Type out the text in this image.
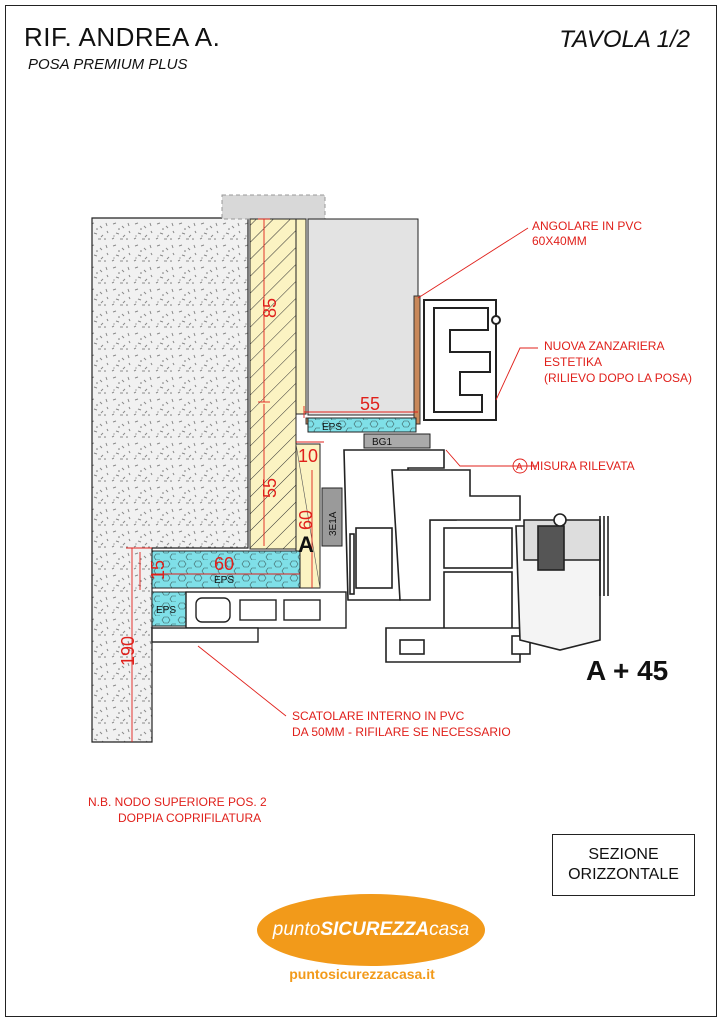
RIF. ANDREA A.
POSA PREMIUM PLUS
TAVOLA 1/2
85
55
10
55
60
60
15
190
EPS
EPS
EPS
BG1
3E1A
A
ANGOLARE IN PVC
60X40MM
NUOVA ZANZARIERA
ESTETIKA
(RILIEVO DOPO LA POSA)
A MISURA RILEVATA
SCATOLARE INTERNO IN PVC
DA 50MM - RIFILARE SE NECESSARIO
N.B. NODO SUPERIORE POS. 2
DOPPIA COPRIFILATURA
A + 45
SEZIONE
ORIZZONTALE
punto SICUREZZA casa
puntosicurezzacasa.it
